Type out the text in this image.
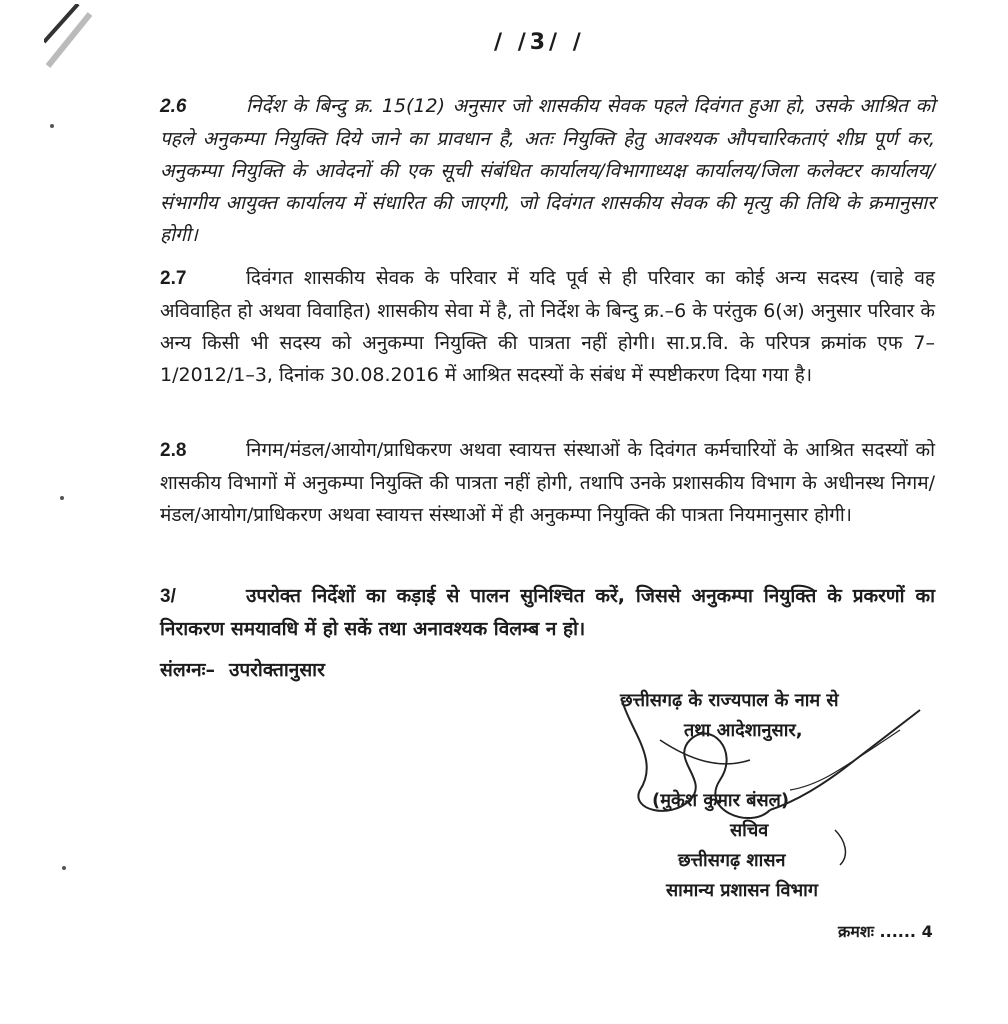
/ /3/ /
2.6	निर्देश के बिन्दु क्र. 15(12) अनुसार जो शासकीय सेवक पहले दिवंगत हुआ हो, उसके आश्रित को पहले अनुकम्पा नियुक्ति दिये जाने का प्रावधान है, अतः नियुक्ति हेतु आवश्यक औपचारिकताएं शीघ्र पूर्ण कर, अनुकम्पा नियुक्ति के आवेदनों की एक सूची संबंधित कार्यालय/विभागाध्यक्ष कार्यालय/जिला कलेक्टर कार्यालय/संभागीय आयुक्त कार्यालय में संधारित की जाएगी, जो दिवंगत शासकीय सेवक की मृत्यु की तिथि के क्रमानुसार होगी।
2.7	दिवंगत शासकीय सेवक के परिवार में यदि पूर्व से ही परिवार का कोई अन्य सदस्य (चाहे वह अविवाहित हो अथवा विवाहित) शासकीय सेवा में है, तो निर्देश के बिन्दु क्र.–6 के परंतुक 6(अ) अनुसार परिवार के अन्य किसी भी सदस्य को अनुकम्पा नियुक्ति की पात्रता नहीं होगी। सा.प्र.वि. के परिपत्र क्रमांक एफ 7–1/2012/1–3, दिनांक 30.08.2016 में आश्रित सदस्यों के संबंध में स्पष्टीकरण दिया गया है।
2.8	निगम/मंडल/आयोग/प्राधिकरण अथवा स्वायत्त संस्थाओं के दिवंगत कर्मचारियों के आश्रित सदस्यों को शासकीय विभागों में अनुकम्पा नियुक्ति की पात्रता नहीं होगी, तथापि उनके प्रशासकीय विभाग के अधीनस्थ निगम/मंडल/आयोग/प्राधिकरण अथवा स्वायत्त संस्थाओं में ही अनुकम्पा नियुक्ति की पात्रता नियमानुसार होगी।
3/	उपरोक्त निर्देशों का कड़ाई से पालन सुनिश्चित करें, जिससे अनुकम्पा नियुक्ति के प्रकरणों का निराकरण समयावधि में हो सकें तथा अनावश्यक विलम्ब न हो।
संलग्नः– उपरोक्तानुसार
छत्तीसगढ़ के राज्यपाल के नाम से
तथा आदेशानुसार,
(मुकेश कुमार बंसल)
सचिव
छत्तीसगढ़ शासन
सामान्य प्रशासन विभाग
क्रमशः ...... 4
